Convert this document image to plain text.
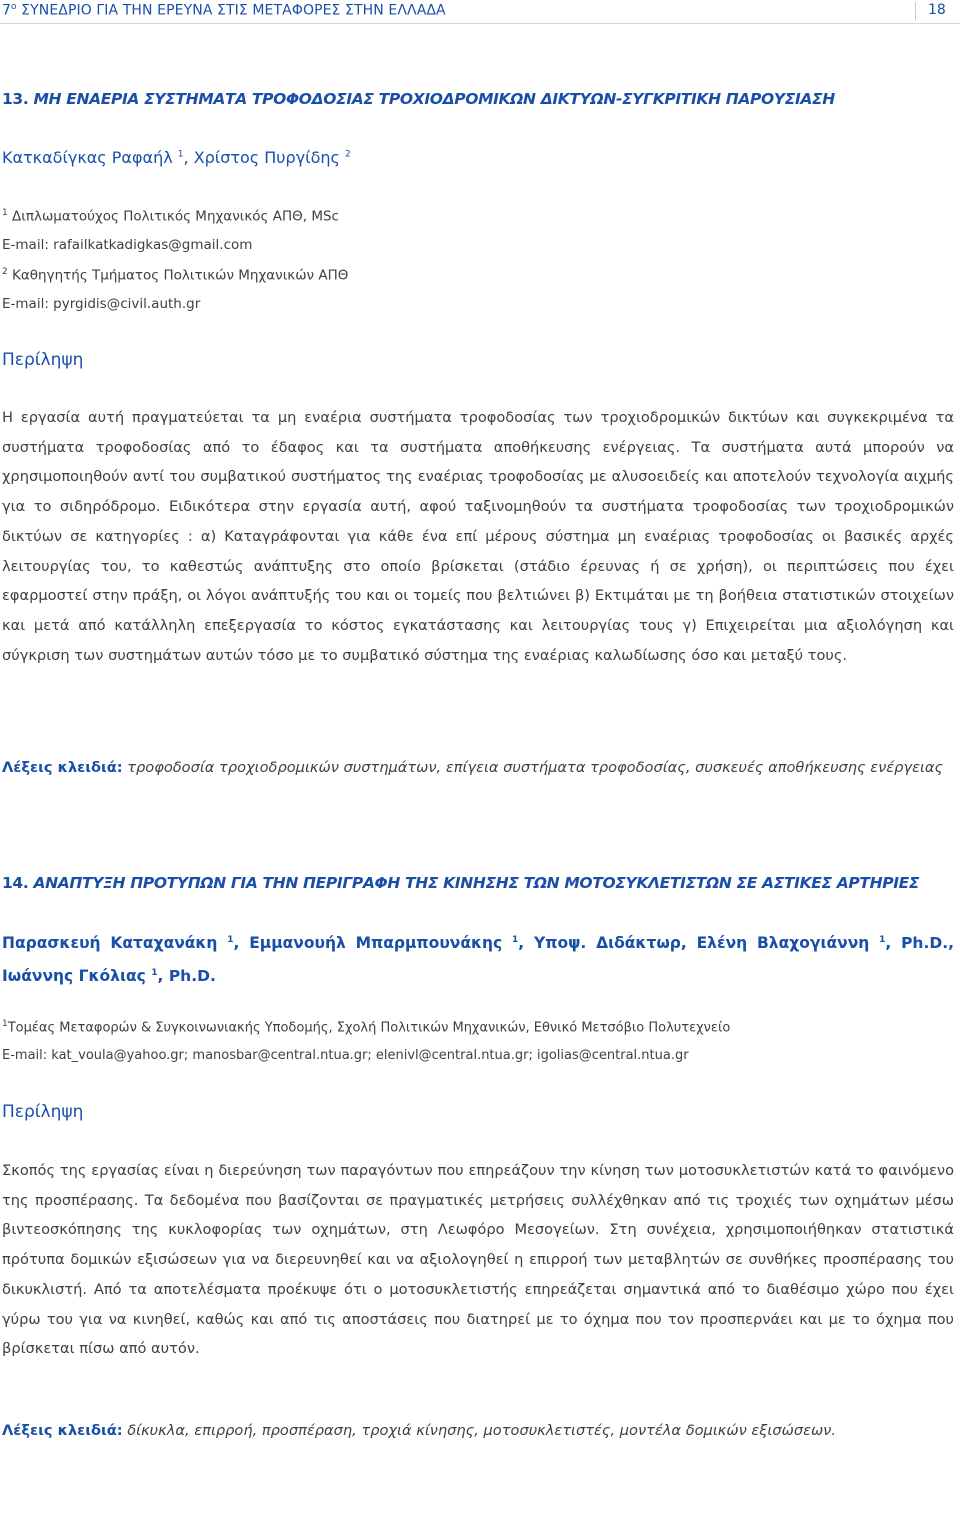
$7^o$ ΣΥΝΕΔΡΙΟ ΓΙΑ ΤΗΝ ΕΡΕΥΝΑ ΣΤΙΣ ΜΕΤΑΦΟΡΕΣ ΣΤΗΝ ΕΛΛΑΔΑ	18
13. ΜΗ ΕΝΑΕΡΙΑ ΣΥΣΤΗΜΑΤΑ ΤΡΟΦΟΔΟΣΙΑΣ ΤΡΟΧΙΟΔΡΟΜΙΚΩΝ ΔΙΚΤΥΩΝ-ΣΥΓΚΡΙΤΙΚΗ ΠΑΡΟΥΣΙΑΣΗ
Κατκαδίγκας Ραφαήλ $^1$, Χρίστος Πυργίδης $^2$
$^1$ Διπλωματούχος Πολιτικός Μηχανικός ΑΠΘ, MSc
E-mail: rafailkatkadigkas@gmail.com
$^2$ Καθηγητής Τμήματος Πολιτικών Μηχανικών ΑΠΘ
E-mail: pyrgidis@civil.auth.gr
Περίληψη
Η εργασία αυτή πραγματεύεται τα μη εναέρια συστήματα τροφοδοσίας των τροχιοδρομικών δικτύων και συγκεκριμένα τα συστήματα τροφοδοσίας από το έδαφος και τα συστήματα αποθήκευσης ενέργειας. Τα συστήματα αυτά μπορούν να χρησιμοποιηθούν αντί του συμβατικού συστήματος της εναέριας τροφοδοσίας με αλυσοειδείς και αποτελούν τεχνολογία αιχμής για το σιδηρόδρομο. Ειδικότερα στην εργασία αυτή, αφού ταξινομηθούν τα συστήματα τροφοδοσίας των τροχιοδρομικών δικτύων σε κατηγορίες : α) Καταγράφονται για κάθε ένα επί μέρους σύστημα μη εναέριας τροφοδοσίας οι βασικές αρχές λειτουργίας του, το καθεστώς ανάπτυξης στο οποίο βρίσκεται (στάδιο έρευνας ή σε χρήση), οι περιπτώσεις που έχει εφαρμοστεί στην πράξη, οι λόγοι ανάπτυξής του και οι τομείς που βελτιώνει β) Εκτιμάται με τη βοήθεια στατιστικών στοιχείων και μετά από κατάλληλη επεξεργασία το κόστος εγκατάστασης και λειτουργίας τους γ) Επιχειρείται μια αξιολόγηση και σύγκριση των συστημάτων αυτών τόσο με το συμβατικό σύστημα της εναέριας καλωδίωσης όσο και μεταξύ τους.
Λέξεις κλειδιά: τροφοδοσία τροχιοδρομικών συστημάτων, επίγεια συστήματα τροφοδοσίας, συσκευές αποθήκευσης ενέργειας
14. ΑΝΑΠΤΥΞΗ ΠΡΟΤΥΠΩΝ ΓΙΑ ΤΗΝ ΠΕΡΙΓΡΑΦΗ ΤΗΣ ΚΙΝΗΣΗΣ ΤΩΝ ΜΟΤΟΣΥΚΛΕΤΙΣΤΩΝ ΣΕ ΑΣΤΙΚΕΣ ΑΡΤΗΡΙΕΣ
Παρασκευή Καταχανάκη $^1$, Εμμανουήλ Μπαρμπουνάκης $^1$, Υποψ. Διδάκτωρ, Ελένη Βλαχογιάννη $^1$, Ph.D., Ιωάννης Γκόλιας $^1$, Ph.D.
$^1$Τομέας Μεταφορών & Συγκοινωνιακής Υποδομής, Σχολή Πολιτικών Μηχανικών, Εθνικό Μετσόβιο Πολυτεχνείο
E-mail: kat_voula@yahoo.gr; manosbar@central.ntua.gr; elenivl@central.ntua.gr; igolias@central.ntua.gr
Περίληψη
Σκοπός της εργασίας είναι η διερεύνηση των παραγόντων που επηρεάζουν την κίνηση των μοτοσυκλετιστών κατά το φαινόμενο της προσπέρασης. Τα δεδομένα που βασίζονται σε πραγματικές μετρήσεις συλλέχθηκαν από τις τροχιές των οχημάτων μέσω βιντεοσκόπησης της κυκλοφορίας των οχημάτων, στη Λεωφόρο Μεσογείων. Στη συνέχεια, χρησιμοποιήθηκαν στατιστικά πρότυπα δομικών εξισώσεων για να διερευνηθεί και να αξιολογηθεί η επιρροή των μεταβλητών σε συνθήκες προσπέρασης του δικυκλιστή. Από τα αποτελέσματα προέκυψε ότι ο μοτοσυκλετιστής επηρεάζεται σημαντικά από το διαθέσιμο χώρο που έχει γύρω του για να κινηθεί, καθώς και από τις αποστάσεις που διατηρεί με το όχημα που τον προσπερνάει και με το όχημα που βρίσκεται πίσω από αυτόν.
Λέξεις κλειδιά: δίκυκλα, επιρροή, προσπέραση, τροχιά κίνησης, μοτοσυκλετιστές, μοντέλα δομικών εξισώσεων.
